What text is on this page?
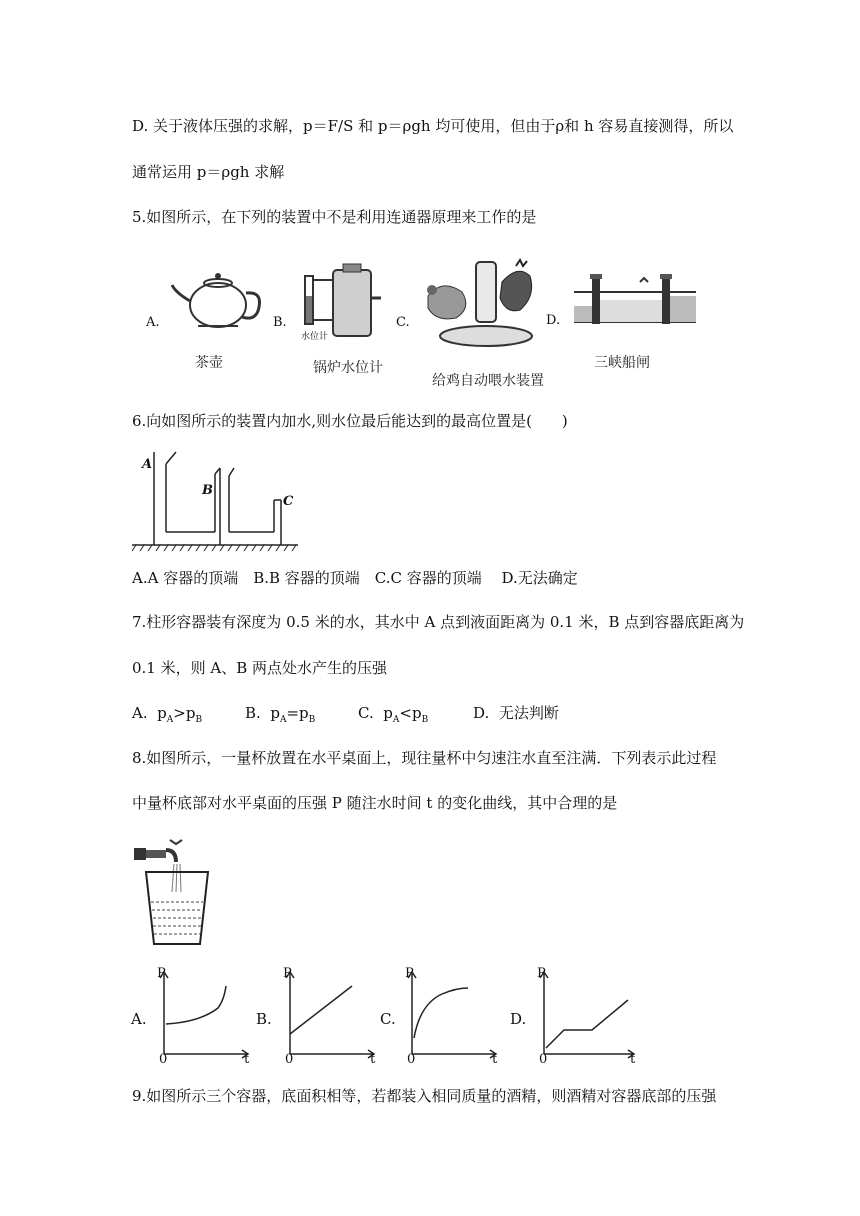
D. 关于液体压强的求解，p＝F/S 和 p＝ρgh 均可使用，但由于ρ和 h 容易直接测得，所以
通常运用 p＝ρgh 求解
5.如图所示，在下列的装置中不是利用连通器原理来工作的是
A.
茶壶
B.
水位计
锅炉水位计
C.
给鸡自动喂水装置
D.
三峡船闸
6.向如图所示的装置内加水,则水位最后能达到的最高位置是(　　)
A
B
C
A.A 容器的顶端　B.B 容器的顶端　C.C 容器的顶端　 D.无法确定
7.柱形容器装有深度为 0.5 米的水，其水中 A 点到液面距离为 0.1 米，B 点到容器底距离为
0.1 米，则 A、B 两点处水产生的压强
A. $p_A>p_B$	B. $p_A=p_B$	C. $p_A<p_B$	D. 无法判断
8.如图所示，一量杯放置在水平桌面上，现往量杯中匀速注水直至注满．下列表示此过程
中量杯底部对水平桌面的压强 P 随注水时间 t 的变化曲线，其中合理的是
A.
P
t
0
B.
P
t
0
C.
P
t
0
D.
P
t
0
9.如图所示三个容器，底面积相等，若都装入相同质量的酒精，则酒精对容器底部的压强
